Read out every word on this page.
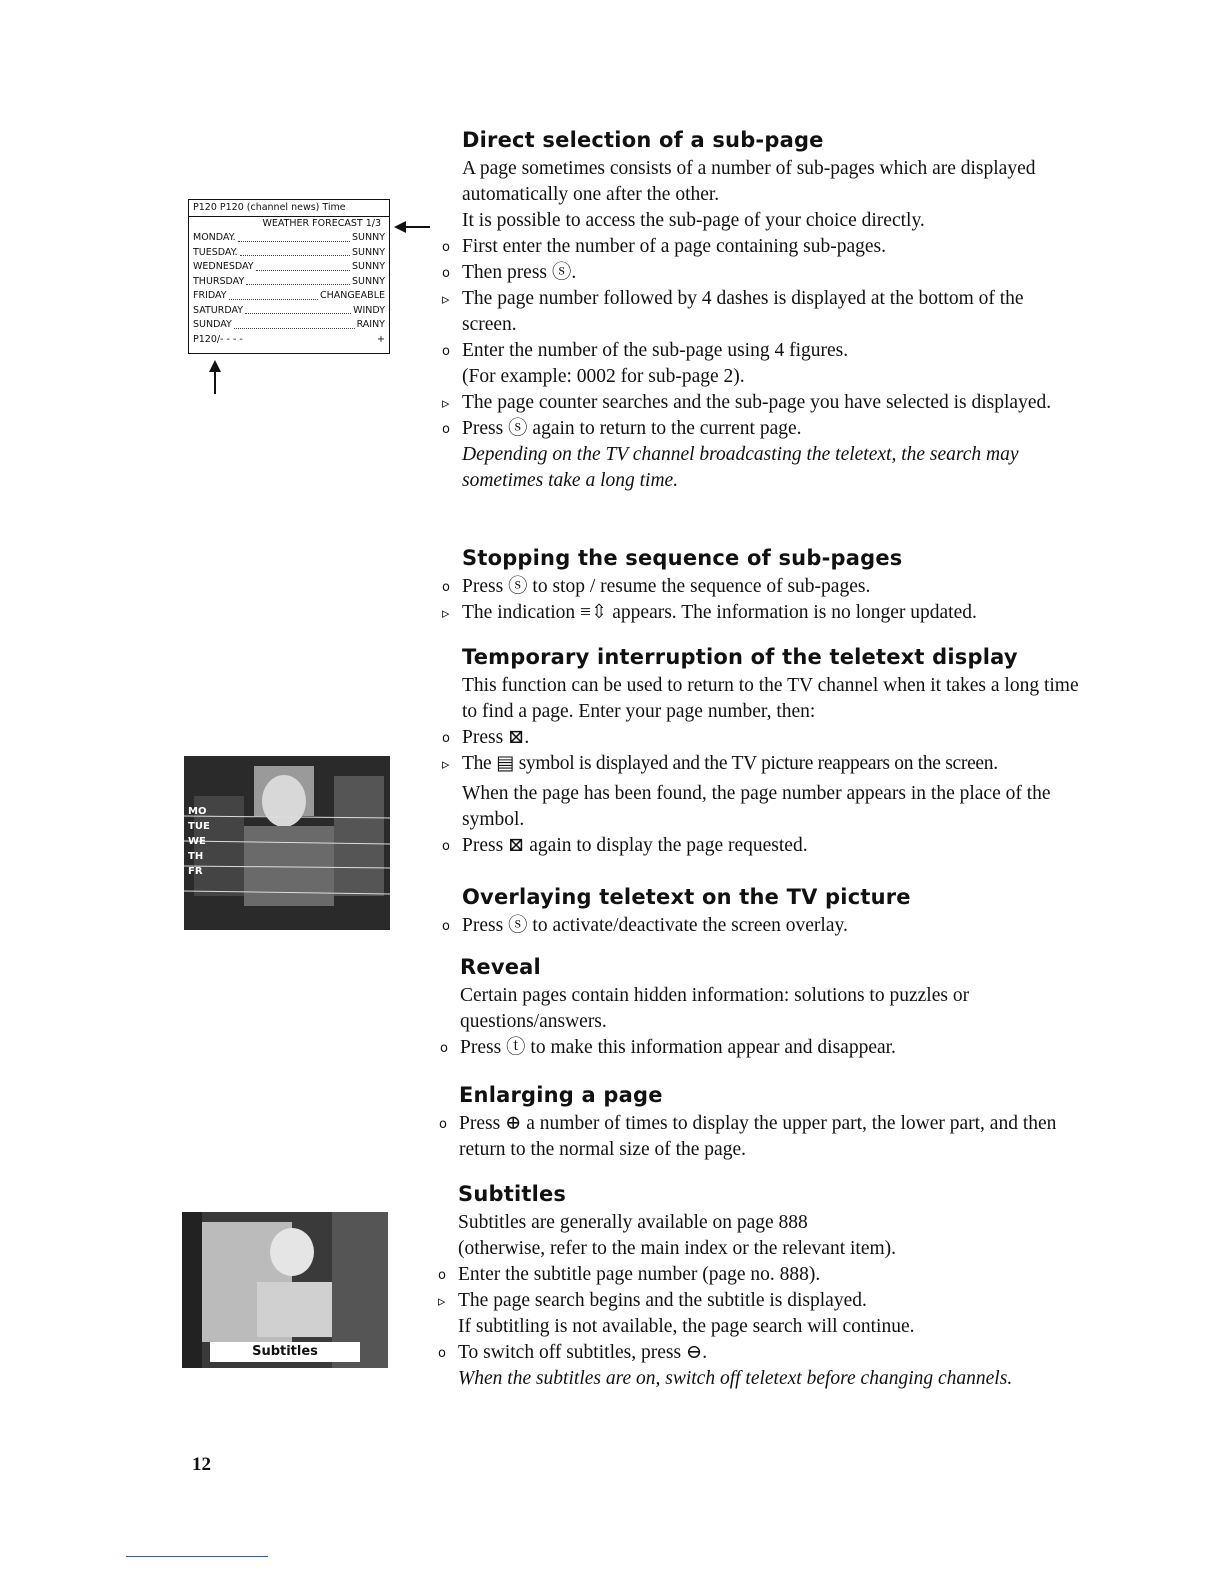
P120 P120 (channel news) Time
WEATHER FORECAST 1/3
MONDAY.	SUNNY
TUESDAY.	SUNNY
WEDNESDAY	SUNNY
THURSDAY	SUNNY
FRIDAY	CHANGEABLE
SATURDAY	WINDY
SUNDAY	RAINY
P120/- - - -	+
MO
TUE
WE
TH
FR
Subtitles
Direct selection of a sub-page
A page sometimes consists of a number of sub-pages which are displayed automatically one after the other.
It is possible to access the sub-page of your choice directly.
o First enter the number of a page containing sub-pages.
o Then press ⓢ.
▹ The page number followed by 4 dashes is displayed at the bottom of the screen.
o Enter the number of the sub-page using 4 figures.
(For example: 0002 for sub-page 2).
▹ The page counter searches and the sub-page you have selected is displayed.
o Press ⓢ again to return to the current page.
Depending on the TV channel broadcasting the teletext, the search may sometimes take a long time.
Stopping the sequence of sub-pages
o Press ⓢ to stop / resume the sequence of sub-pages.
▹ The indication ≡⇳ appears. The information is no longer updated.
Temporary interruption of the teletext display
This function can be used to return to the TV channel when it takes a long time to find a page. Enter your page number, then:
o Press ⊠.
▹ The ▤ symbol is displayed and the TV picture reappears on the screen.
When the page has been found, the page number appears in the place of the symbol.
o Press ⊠ again to display the page requested.
Overlaying teletext on the TV picture
o Press ⓢ to activate/deactivate the screen overlay.
Reveal
Certain pages contain hidden information: solutions to puzzles or questions/answers.
o Press ⓣ to make this information appear and disappear.
Enlarging a page
o Press ⊕ a number of times to display the upper part, the lower part, and then return to the normal size of the page.
Subtitles
Subtitles are generally available on page 888
(otherwise, refer to the main index or the relevant item).
o Enter the subtitle page number (page no. 888).
▹ The page search begins and the subtitle is displayed.
If subtitling is not available, the page search will continue.
o To switch off subtitles, press ⊖.
When the subtitles are on, switch off teletext before changing channels.
12
